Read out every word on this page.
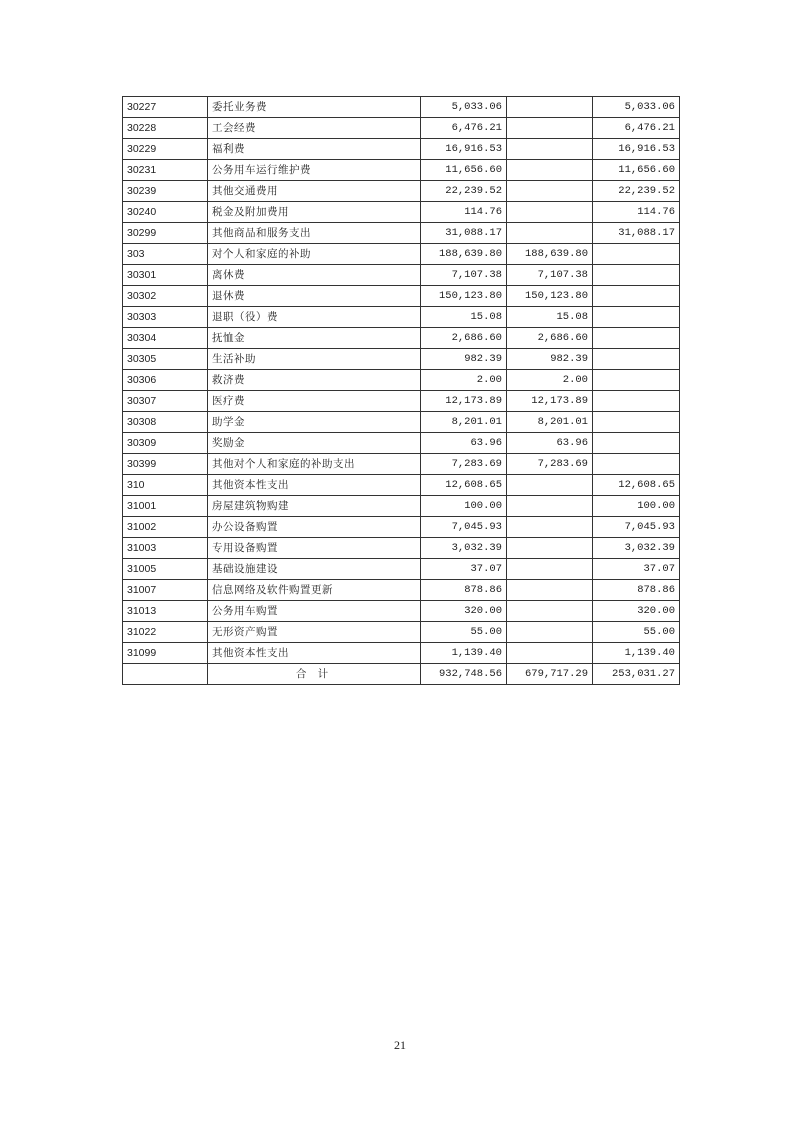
30227	委托业务费	5,033.06		5,033.06
30228	工会经费	6,476.21		6,476.21
30229	福利费	16,916.53		16,916.53
30231	公务用车运行维护费	11,656.60		11,656.60
30239	其他交通费用	22,239.52		22,239.52
30240	税金及附加费用	114.76		114.76
30299	其他商品和服务支出	31,088.17		31,088.17
303	对个人和家庭的补助	188,639.80	188,639.80	
30301	离休费	7,107.38	7,107.38	
30302	退休费	150,123.80	150,123.80	
30303	退职（役）费	15.08	15.08	
30304	抚恤金	2,686.60	2,686.60	
30305	生活补助	982.39	982.39	
30306	救济费	2.00	2.00	
30307	医疗费	12,173.89	12,173.89	
30308	助学金	8,201.01	8,201.01	
30309	奖励金	63.96	63.96	
30399	其他对个人和家庭的补助支出	7,283.69	7,283.69	
310	其他资本性支出	12,608.65		12,608.65
31001	房屋建筑物购建	100.00		100.00
31002	办公设备购置	7,045.93		7,045.93
31003	专用设备购置	3,032.39		3,032.39
31005	基础设施建设	37.07		37.07
31007	信息网络及软件购置更新	878.86		878.86
31013	公务用车购置	320.00		320.00
31022	无形资产购置	55.00		55.00
31099	其他资本性支出	1,139.40		1,139.40
	合 计	932,748.56	679,717.29	253,031.27
21
